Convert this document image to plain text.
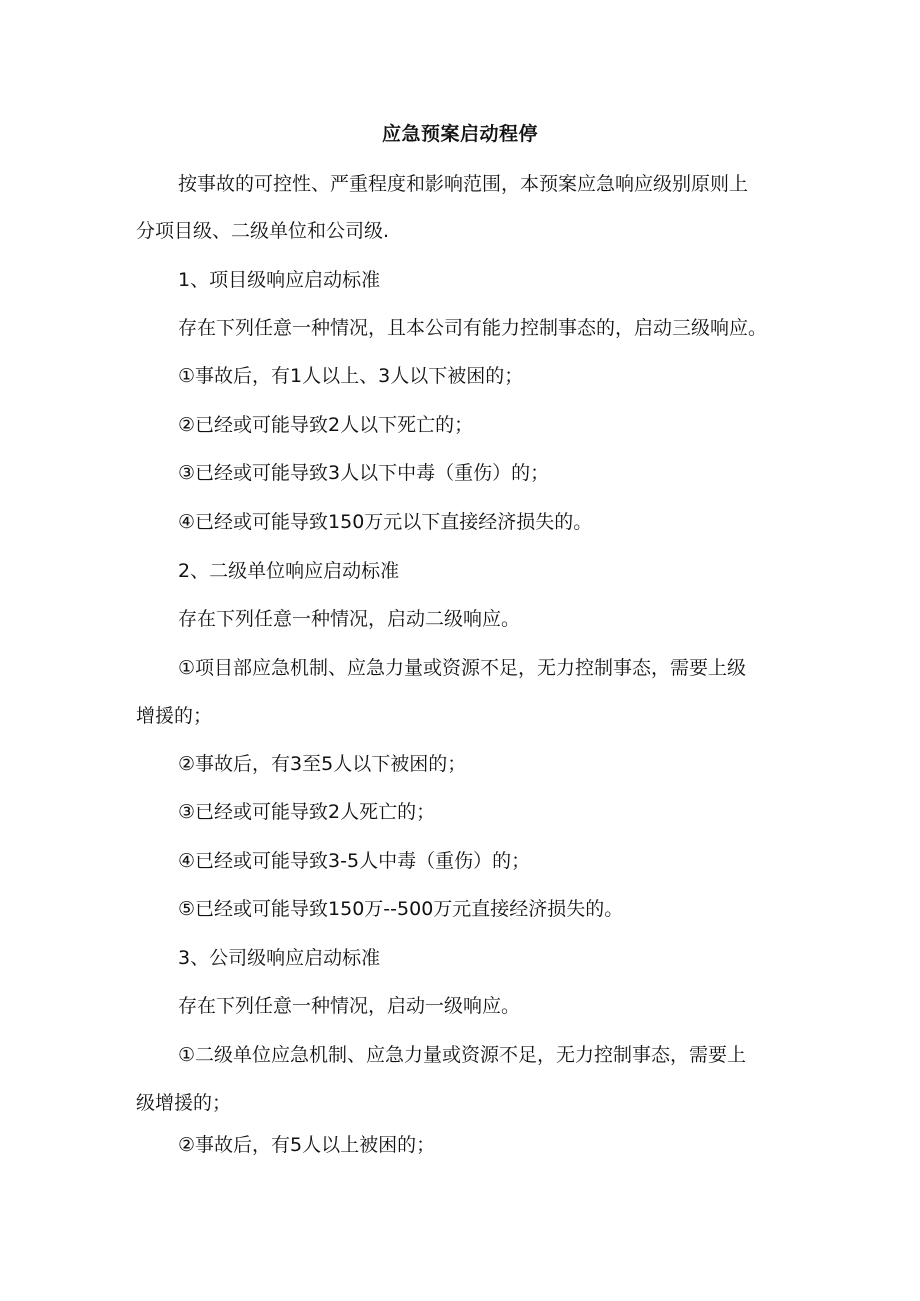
应急预案启动程停
按事故的可控性、严重程度和影响范围，本预案应急响应级别原则上
分项目级、二级单位和公司级.
1、项目级响应启动标准
存在下列任意一种情况，且本公司有能力控制事态的，启动三级响应。
①事故后，有1人以上、3人以下被困的；
②已经或可能导致2人以下死亡的；
③已经或可能导致3人以下中毒（重伤）的；
④已经或可能导致150万元以下直接经济损失的。
2、二级单位响应启动标准
存在下列任意一种情况，启动二级响应。
①项目部应急机制、应急力量或资源不足，无力控制事态，需要上级
增援的；
②事故后，有3至5人以下被困的；
③已经或可能导致2人死亡的；
④已经或可能导致3-5人中毒（重伤）的；
⑤已经或可能导致150万--500万元直接经济损失的。
3、公司级响应启动标准
存在下列任意一种情况，启动一级响应。
①二级单位应急机制、应急力量或资源不足，无力控制事态，需要上
级增援的；
②事故后，有5人以上被困的；
